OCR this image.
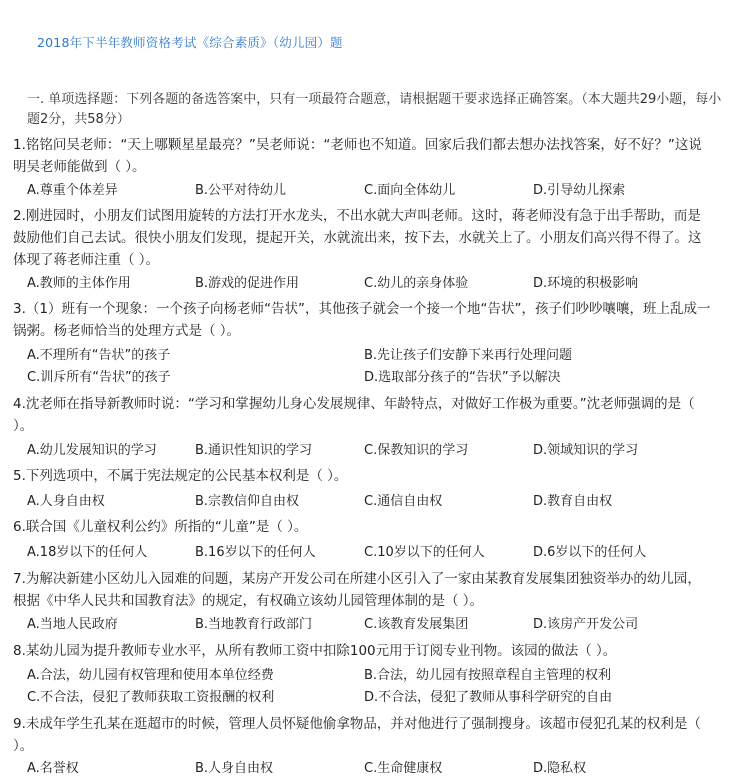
2018年下半年教师资格考试《综合素质》（幼儿园）题
一. 单项选择题：下列各题的备选答案中，只有一项最符合题意，请根据题干要求选择正确答案。（本大题共29小题，每小题2分，共58分）
1.铭铭问吴老师：“天上哪颗星星最亮？”吴老师说：“老师也不知道。回家后我们都去想办法找答案，好不好？”这说明吴老师能做到（ ）。
A.尊重个体差异	B.公平对待幼儿	C.面向全体幼儿	D.引导幼儿探索
2.刚进园时，小朋友们试图用旋转的方法打开水龙头，不出水就大声叫老师。这时，蒋老师没有急于出手帮助，而是鼓励他们自己去试。很快小朋友们发现，提起开关，水就流出来，按下去，水就关上了。小朋友们高兴得不得了。这体现了蒋老师注重（ ）。
A.教师的主体作用	B.游戏的促进作用	C.幼儿的亲身体验	D.环境的积极影响
3.（1）班有一个现象：一个孩子向杨老师“告状”，其他孩子就会一个接一个地“告状”，孩子们吵吵嚷嚷，班上乱成一锅粥。杨老师恰当的处理方式是（ ）。
A.不理所有“告状”的孩子	B.先让孩子们安静下来再行处理问题
C.训斥所有“告状”的孩子	D.选取部分孩子的“告状”予以解决
4.沈老师在指导新教师时说：“学习和掌握幼儿身心发展规律、年龄特点，对做好工作极为重要。”沈老师强调的是（ ）。
A.幼儿发展知识的学习	B.通识性知识的学习	C.保教知识的学习	D.领域知识的学习
5.下列选项中，不属于宪法规定的公民基本权利是（ ）。
A.人身自由权	B.宗教信仰自由权	C.通信自由权	D.教育自由权
6.联合国《儿童权利公约》所指的“儿童”是（ ）。
A.18岁以下的任何人	B.16岁以下的任何人	C.10岁以下的任何人	D.6岁以下的任何人
7.为解决新建小区幼儿入园难的问题，某房产开发公司在所建小区引入了一家由某教育发展集团独资举办的幼儿园，根据《中华人民共和国教育法》的规定，有权确立该幼儿园管理体制的是（ ）。
A.当地人民政府	B.当地教育行政部门	C.该教育发展集团	D.该房产开发公司
8.某幼儿园为提升教师专业水平，从所有教师工资中扣除100元用于订阅专业刊物。该园的做法（ ）。
A.合法，幼儿园有权管理和使用本单位经费	B.合法，幼儿园有按照章程自主管理的权利
C.不合法，侵犯了教师获取工资报酬的权利	D.不合法，侵犯了教师从事科学研究的自由
9.未成年学生孔某在逛超市的时候，管理人员怀疑他偷拿物品，并对他进行了强制搜身。该超市侵犯孔某的权利是（ ）。
A.名誉权	B.人身自由权	C.生命健康权	D.隐私权
